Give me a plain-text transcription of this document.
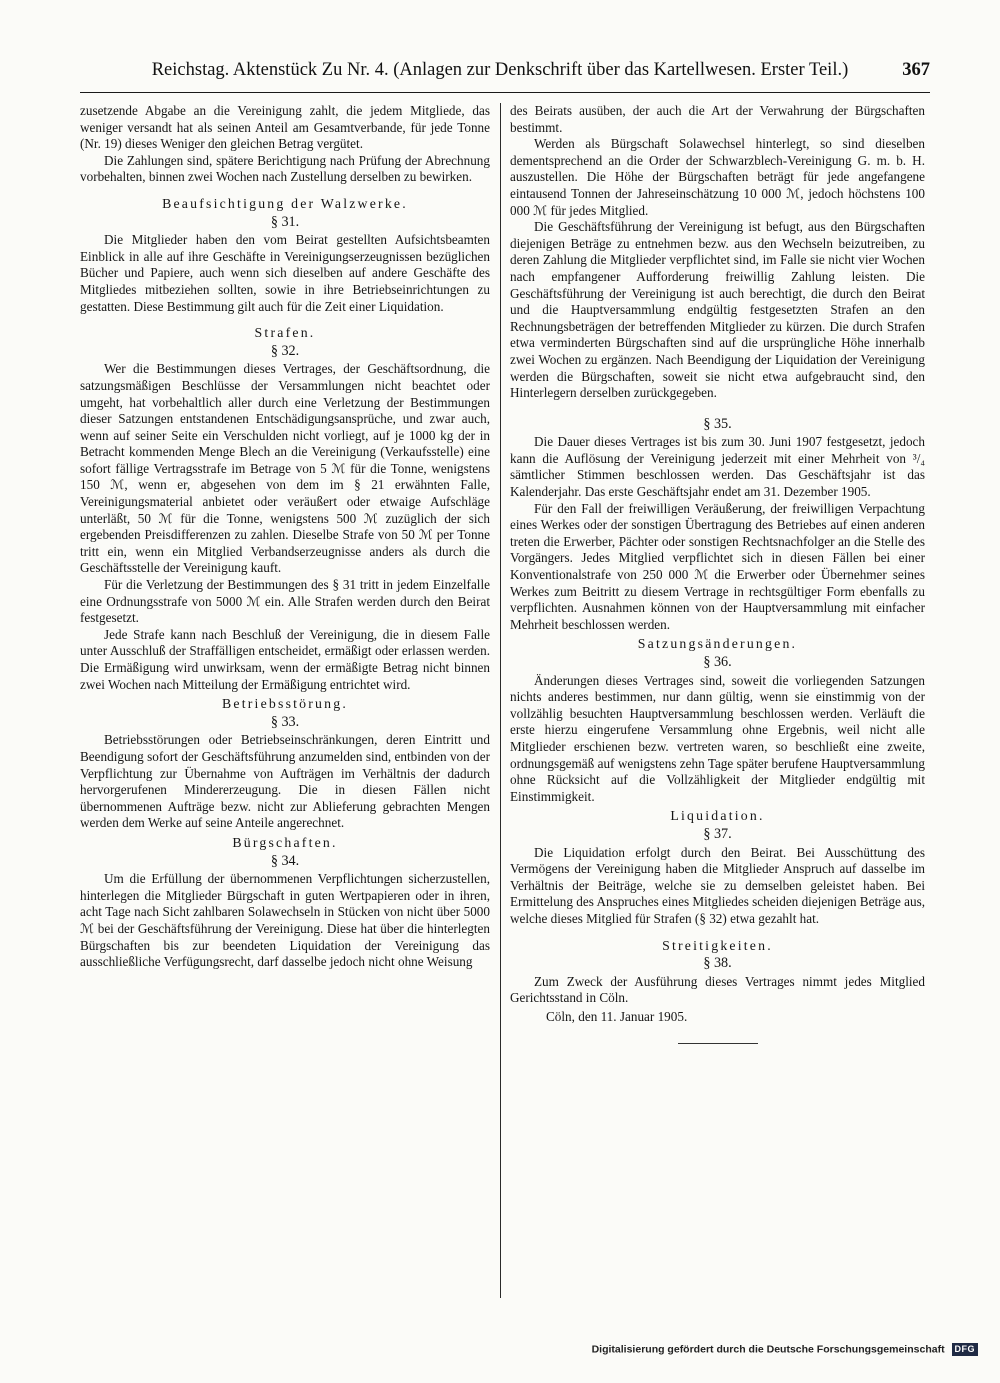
Reichstag. Aktenstück Zu Nr. 4. (Anlagen zur Denkschrift über das Kartellwesen. Erster Teil.)	367

zusetzende Abgabe an die Vereinigung zahlt, die jedem Mitgliede, das weniger versandt hat als seinen Anteil am Gesamtverbande, für jede Tonne (Nr. 19) dieses Weniger den gleichen Betrag vergütet.

Die Zahlungen sind, spätere Berichtigung nach Prüfung der Abrechnung vorbehalten, binnen zwei Wochen nach Zustellung derselben zu bewirken.

Beaufsichtigung der Walzwerke.

§ 31.

Die Mitglieder haben den vom Beirat gestellten Aufsichtsbeamten Einblick in alle auf ihre Geschäfte in Vereinigungserzeugnissen bezüglichen Bücher und Papiere, auch wenn sich dieselben auf andere Geschäfte des Mitgliedes mitbeziehen sollten, sowie in ihre Betriebseinrichtungen zu gestatten. Diese Bestimmung gilt auch für die Zeit einer Liquidation.

Strafen.

§ 32.

Wer die Bestimmungen dieses Vertrages, der Geschäftsordnung, die satzungsmäßigen Beschlüsse der Versammlungen nicht beachtet oder umgeht, hat vorbehaltlich aller durch eine Verletzung der Bestimmungen dieser Satzungen entstandenen Entschädigungsansprüche, und zwar auch, wenn auf seiner Seite ein Verschulden nicht vorliegt, auf je 1000 kg der in Betracht kommenden Menge Blech an die Vereinigung (Verkaufsstelle) eine sofort fällige Vertragsstrafe im Betrage von 5 ℳ für die Tonne, wenigstens 150 ℳ, wenn er, abgesehen von dem im § 21 erwähnten Falle, Vereinigungsmaterial anbietet oder veräußert oder etwaige Aufschläge unterläßt, 50 ℳ für die Tonne, wenigstens 500 ℳ zuzüglich der sich ergebenden Preisdifferenzen zu zahlen. Dieselbe Strafe von 50 ℳ per Tonne tritt ein, wenn ein Mitglied Verbandserzeugnisse anders als durch die Geschäftsstelle der Vereinigung kauft.

Für die Verletzung der Bestimmungen des § 31 tritt in jedem Einzelfalle eine Ordnungsstrafe von 5000 ℳ ein. Alle Strafen werden durch den Beirat festgesetzt.

Jede Strafe kann nach Beschluß der Vereinigung, die in diesem Falle unter Ausschluß der Straffälligen entscheidet, ermäßigt oder erlassen werden. Die Ermäßigung wird unwirksam, wenn der ermäßigte Betrag nicht binnen zwei Wochen nach Mitteilung der Ermäßigung entrichtet wird.

Betriebsstörung.

§ 33.

Betriebsstörungen oder Betriebseinschränkungen, deren Eintritt und Beendigung sofort der Geschäftsführung anzumelden sind, entbinden von der Verpflichtung zur Übernahme von Aufträgen im Verhältnis der dadurch hervorgerufenen Mindererzeugung. Die in diesen Fällen nicht übernommenen Aufträge bezw. nicht zur Ablieferung gebrachten Mengen werden dem Werke auf seine Anteile angerechnet.

Bürgschaften.

§ 34.

Um die Erfüllung der übernommenen Verpflichtungen sicherzustellen, hinterlegen die Mitglieder Bürgschaft in guten Wertpapieren oder in ihren, acht Tage nach Sicht zahlbaren Solawechseln in Stücken von nicht über 5000 ℳ bei der Geschäftsführung der Vereinigung. Diese hat über die hinterlegten Bürgschaften bis zur beendeten Liquidation der Vereinigung das ausschließliche Verfügungsrecht, darf dasselbe jedoch nicht ohne Weisung

des Beirats ausüben, der auch die Art der Verwahrung der Bürgschaften bestimmt.

Werden als Bürgschaft Solawechsel hinterlegt, so sind dieselben dementsprechend an die Order der Schwarzblech-Vereinigung G. m. b. H. auszustellen. Die Höhe der Bürgschaften beträgt für jede angefangene eintausend Tonnen der Jahreseinschätzung 10 000 ℳ, jedoch höchstens 100 000 ℳ für jedes Mitglied.

Die Geschäftsführung der Vereinigung ist befugt, aus den Bürgschaften diejenigen Beträge zu entnehmen bezw. aus den Wechseln beizutreiben, zu deren Zahlung die Mitglieder verpflichtet sind, im Falle sie nicht vier Wochen nach empfangener Aufforderung freiwillig Zahlung leisten. Die Geschäftsführung der Vereinigung ist auch berechtigt, die durch den Beirat und die Hauptversammlung endgültig festgesetzten Strafen an den Rechnungsbeträgen der betreffenden Mitglieder zu kürzen. Die durch Strafen etwa verminderten Bürgschaften sind auf die ursprüngliche Höhe innerhalb zwei Wochen zu ergänzen. Nach Beendigung der Liquidation der Vereinigung werden die Bürgschaften, soweit sie nicht etwa aufgebraucht sind, den Hinterlegern derselben zurückgegeben.

§ 35.

Die Dauer dieses Vertrages ist bis zum 30. Juni 1907 festgesetzt, jedoch kann die Auflösung der Vereinigung jederzeit mit einer Mehrheit von ³/₄ sämtlicher Stimmen beschlossen werden. Das Geschäftsjahr ist das Kalenderjahr. Das erste Geschäftsjahr endet am 31. Dezember 1905.

Für den Fall der freiwilligen Veräußerung, der freiwilligen Verpachtung eines Werkes oder der sonstigen Übertragung des Betriebes auf einen anderen treten die Erwerber, Pächter oder sonstigen Rechtsnachfolger an die Stelle des Vorgängers. Jedes Mitglied verpflichtet sich in diesen Fällen bei einer Konventionalstrafe von 250 000 ℳ die Erwerber oder Übernehmer seines Werkes zum Beitritt zu diesem Vertrage in rechtsgültiger Form ebenfalls zu verpflichten. Ausnahmen können von der Hauptversammlung mit einfacher Mehrheit beschlossen werden.

Satzungsänderungen.

§ 36.

Änderungen dieses Vertrages sind, soweit die vorliegenden Satzungen nichts anderes bestimmen, nur dann gültig, wenn sie einstimmig von der vollzählig besuchten Hauptversammlung beschlossen werden. Verläuft die erste hierzu eingerufene Versammlung ohne Ergebnis, weil nicht alle Mitglieder erschienen bezw. vertreten waren, so beschließt eine zweite, ordnungsgemäß auf wenigstens zehn Tage später berufene Hauptversammlung ohne Rücksicht auf die Vollzähligkeit der Mitglieder endgültig mit Einstimmigkeit.

Liquidation.

§ 37.

Die Liquidation erfolgt durch den Beirat. Bei Ausschüttung des Vermögens der Vereinigung haben die Mitglieder Anspruch auf dasselbe im Verhältnis der Beiträge, welche sie zu demselben geleistet haben. Bei Ermittelung des Anspruches eines Mitgliedes scheiden diejenigen Beträge aus, welche dieses Mitglied für Strafen (§ 32) etwa gezahlt hat.

Streitigkeiten.

§ 38.

Zum Zweck der Ausführung dieses Vertrages nimmt jedes Mitglied Gerichtsstand in Cöln.

Cöln, den 11. Januar 1905.

Digitalisierung gefördert durch die Deutsche Forschungsgemeinschaft DFG
